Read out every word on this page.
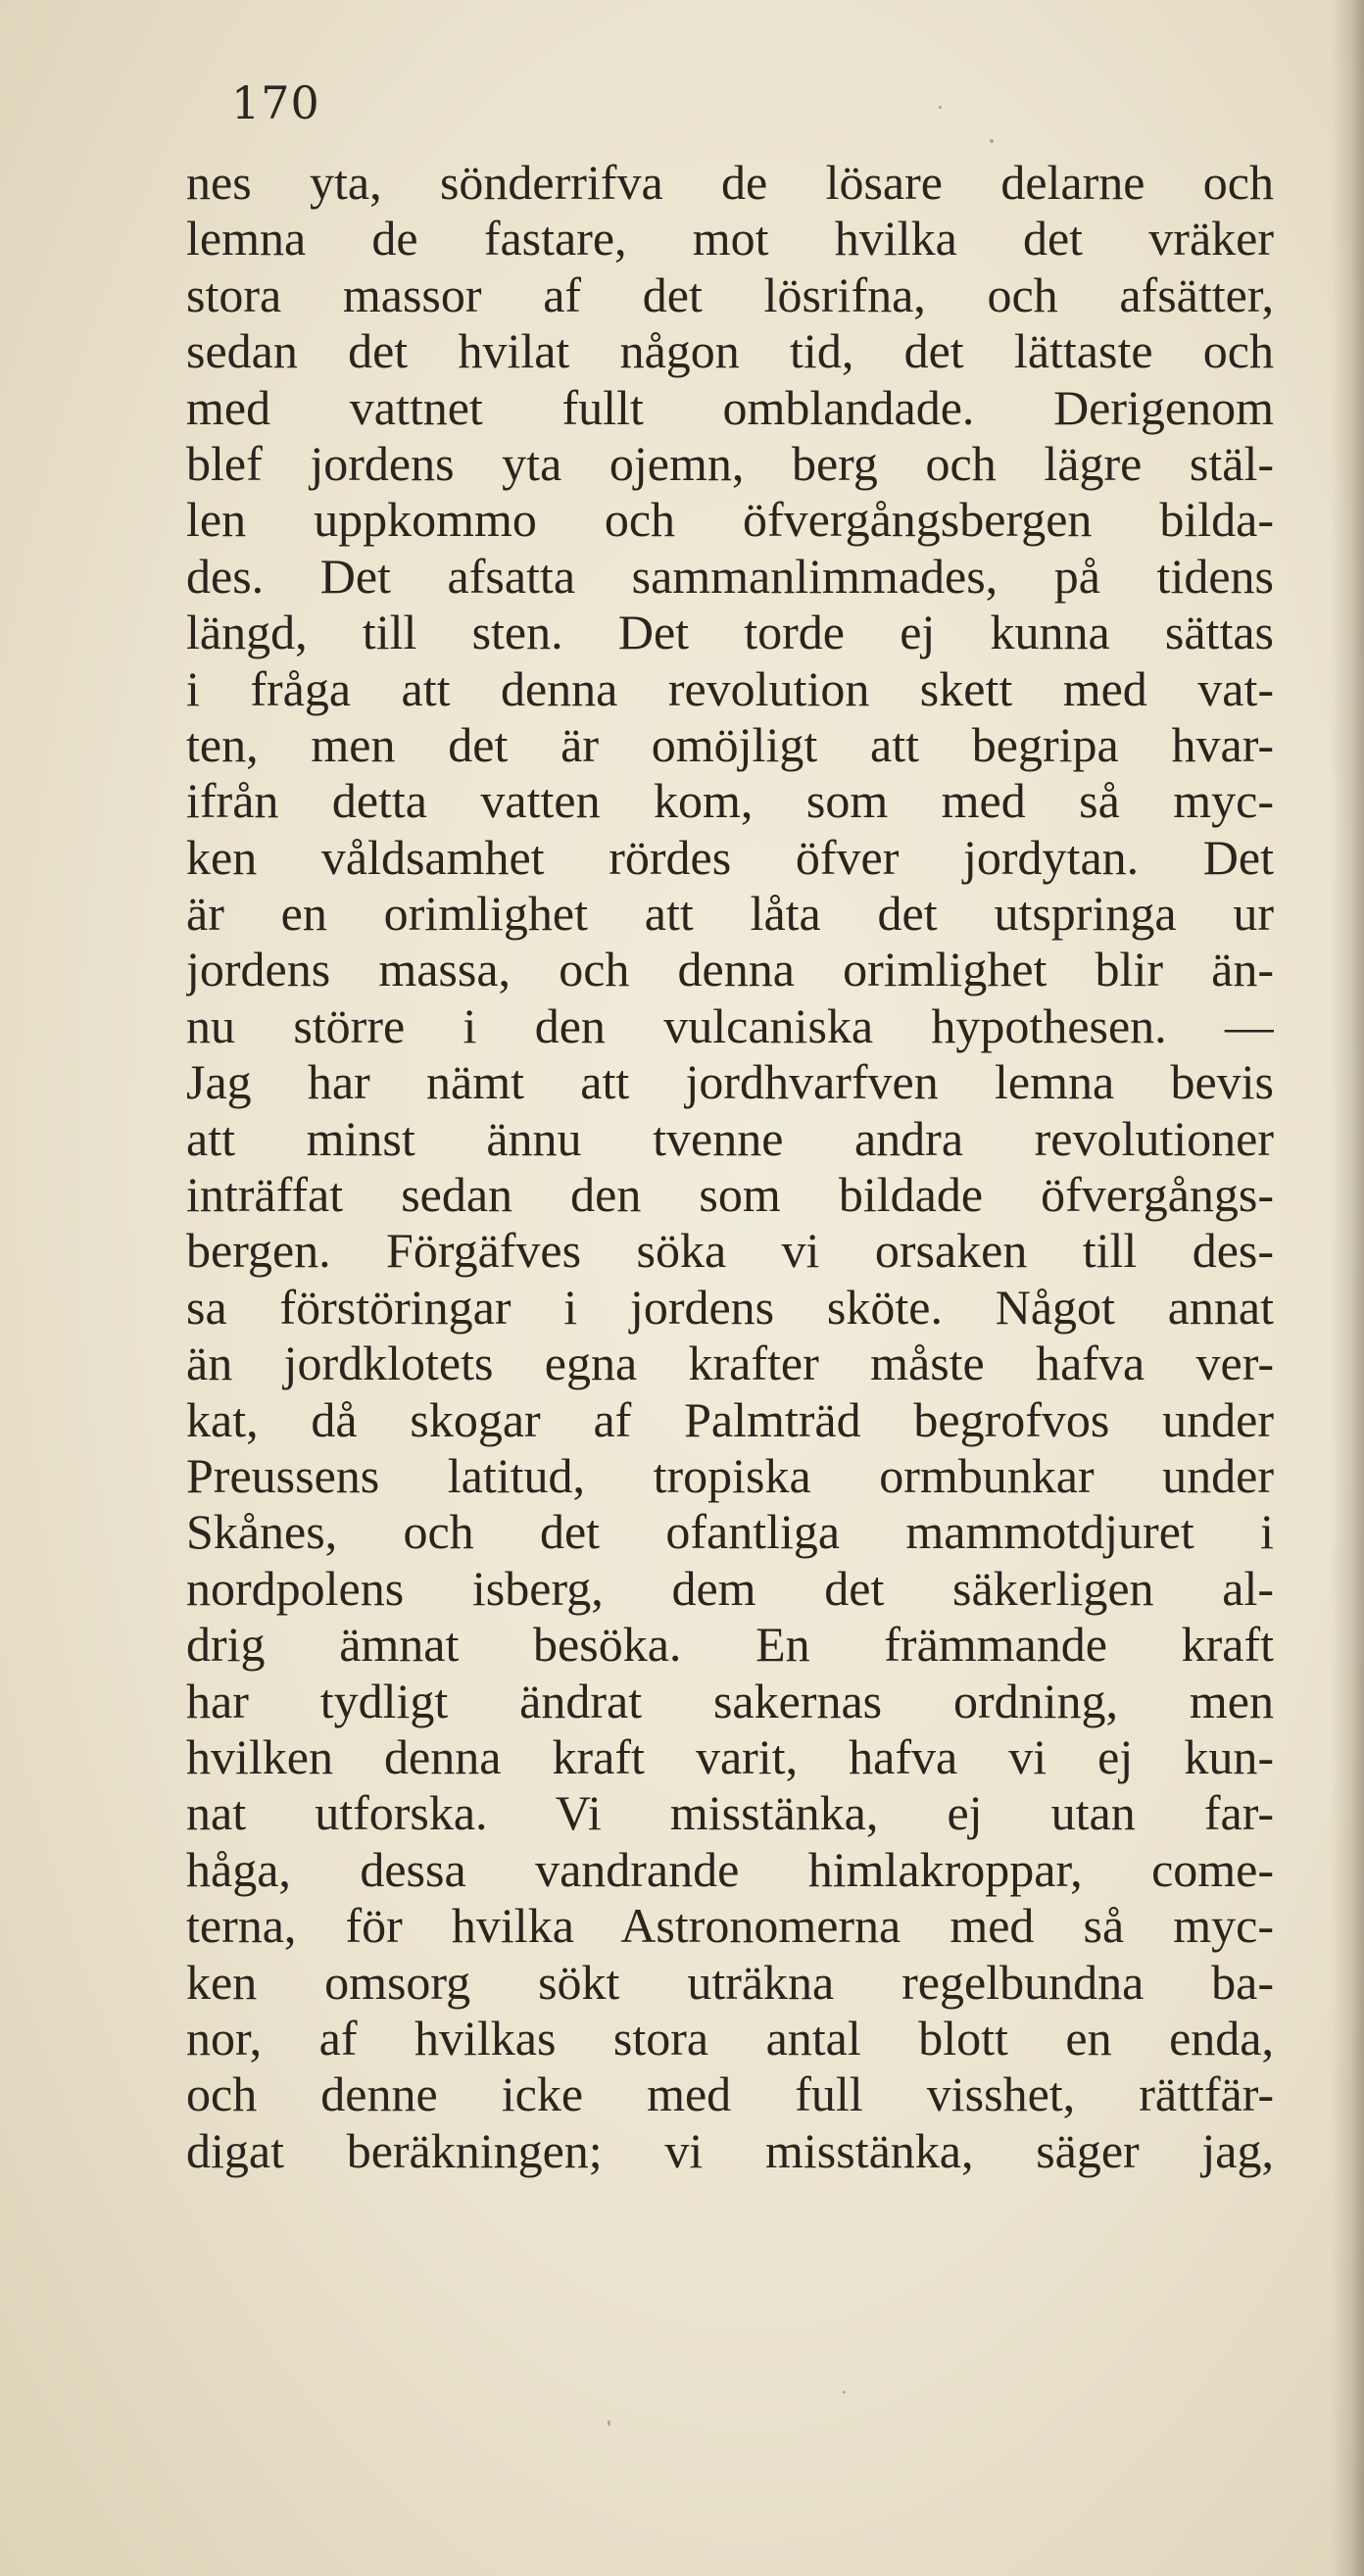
170
nes yta, sönderrifva de lösare delarne och
lemna de fastare, mot hvilka det vräker
stora massor af det lösrifna, och afsätter,
sedan det hvilat någon tid, det lättaste och
med vattnet fullt omblandade. Derigenom
blef jordens yta ojemn, berg och lägre stäl-
len uppkommo och öfvergångsbergen bilda-
des. Det afsatta sammanlimmades, på tidens
längd, till sten. Det torde ej kunna sättas
i fråga att denna revolution skett med vat-
ten, men det är omöjligt att begripa hvar-
ifrån detta vatten kom, som med så myc-
ken våldsamhet rördes öfver jordytan. Det
är en orimlighet att låta det utspringa ur
jordens massa, och denna orimlighet blir än-
nu större i den vulcaniska hypothesen. —
Jag har nämt att jordhvarfven lemna bevis
att minst ännu tvenne andra revolutioner
inträffat sedan den som bildade öfvergångs-
bergen. Förgäfves söka vi orsaken till des-
sa förstöringar i jordens sköte. Något annat
än jordklotets egna krafter måste hafva ver-
kat, då skogar af Palmträd begrofvos under
Preussens latitud, tropiska ormbunkar under
Skånes, och det ofantliga mammotdjuret i
nordpolens isberg, dem det säkerligen al-
drig ämnat besöka. En främmande kraft
har tydligt ändrat sakernas ordning, men
hvilken denna kraft varit, hafva vi ej kun-
nat utforska. Vi misstänka, ej utan far-
håga, dessa vandrande himlakroppar, come-
terna, för hvilka Astronomerna med så myc-
ken omsorg sökt uträkna regelbundna ba-
nor, af hvilkas stora antal blott en enda,
och denne icke med full visshet, rättfär-
digat beräkningen; vi misstänka, säger jag,
